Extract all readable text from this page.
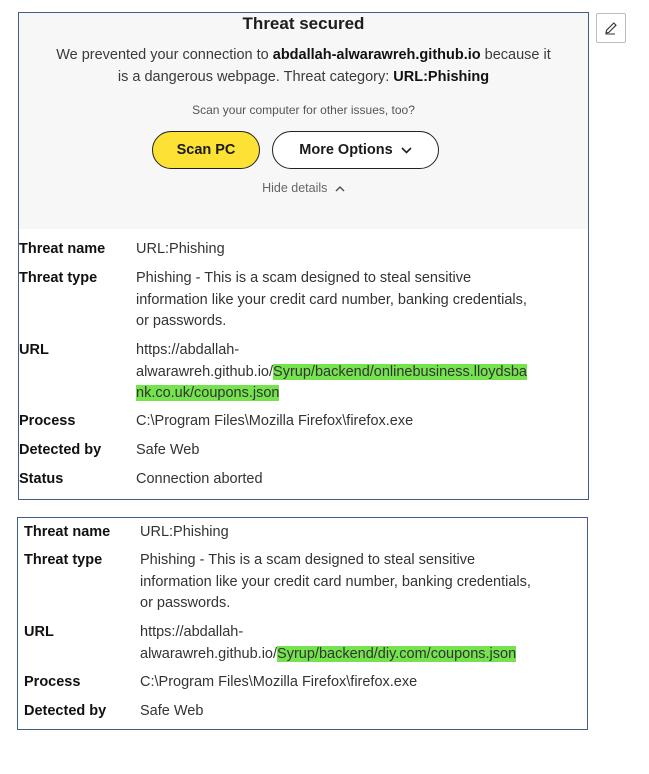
Threat secured
We prevented your connection to abdallah-alwarawreh.github.io because it
is a dangerous webpage. Threat category: URL:Phishing
Scan your computer for other issues, too?
Scan PC	More Options
Hide details
Threat name URL:Phishing
Threat type	Phishing - This is a scam designed to steal sensitive
information like your credit card number, banking credentials,
or passwords.
URL	https://abdallah-
alwarawreh.github.io/Syrup/backend/onlinebusiness.lloydsba
nk.co.uk/coupons.json
Process	C:\Program Files\Mozilla Firefox\firefox.exe
Detected by Safe Web
Status	Connection aborted
Threat name URL:Phishing
Threat type	Phishing - This is a scam designed to steal sensitive
information like your credit card number, banking credentials,
or passwords.
URL	https://abdallah-
alwarawreh.github.io/Syrup/backend/diy.com/coupons.json
Process	C:\Program Files\Mozilla Firefox\firefox.exe
Detected by Safe Web
